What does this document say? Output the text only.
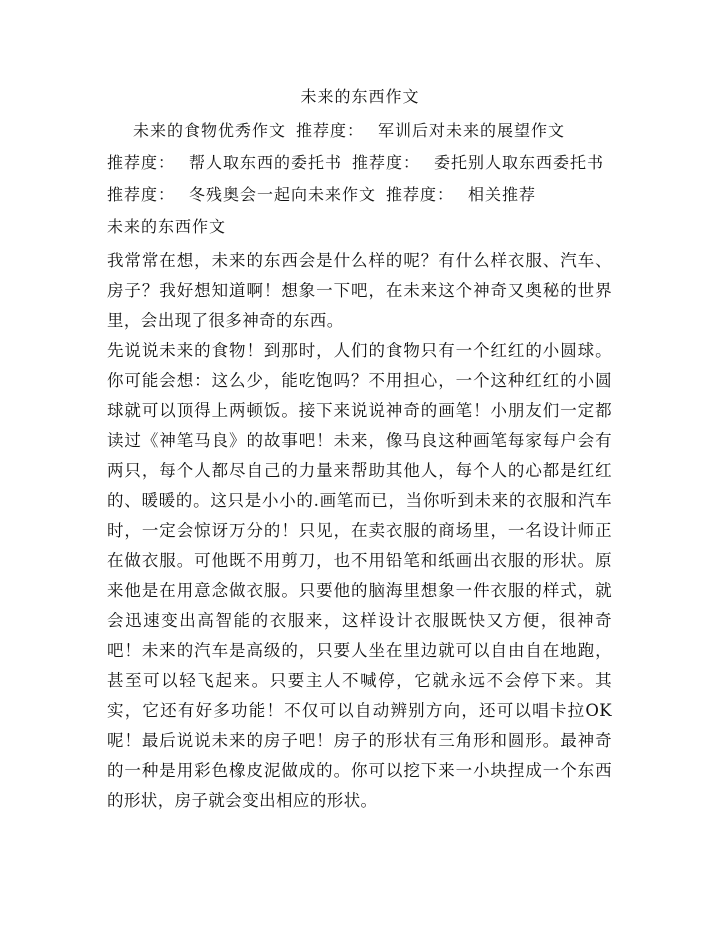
未来的东西作文
未来的食物优秀作文 推荐度： 军训后对未来的展望作文
推荐度： 帮人取东西的委托书 推荐度： 委托别人取东西委托书
推荐度： 冬残奥会一起向未来作文 推荐度： 相关推荐
未来的东西作文

我常常在想，未来的东西会是什么样的呢？有什么样衣服、汽车、房子？我好想知道啊！想象一下吧，在未来这个神奇又奥秘的世界里，会出现了很多神奇的东西。

先说说未来的食物！到那时，人们的食物只有一个红红的小圆球。你可能会想：这么少，能吃饱吗？不用担心，一个这种红红的小圆球就可以顶得上两顿饭。接下来说说神奇的画笔！小朋友们一定都读过《神笔马良》的故事吧！未来，像马良这种画笔每家每户会有两只，每个人都尽自己的力量来帮助其他人，每个人的心都是红红的、暖暖的。这只是小小的.画笔而已，当你听到未来的衣服和汽车时，一定会惊讶万分的！只见，在卖衣服的商场里，一名设计师正在做衣服。可他既不用剪刀，也不用铅笔和纸画出衣服的形状。原来他是在用意念做衣服。只要他的脑海里想象一件衣服的样式，就会迅速变出高智能的衣服来，这样设计衣服既快又方便，很神奇吧！未来的汽车是高级的，只要人坐在里边就可以自由自在地跑，甚至可以轻飞起来。只要主人不喊停，它就永远不会停下来。其实，它还有好多功能！不仅可以自动辨别方向，还可以唱卡拉OK呢！最后说说未来的房子吧！房子的形状有三角形和圆形。最神奇的一种是用彩色橡皮泥做成的。你可以挖下来一小块捏成一个东西的形状，房子就会变出相应的形状。
